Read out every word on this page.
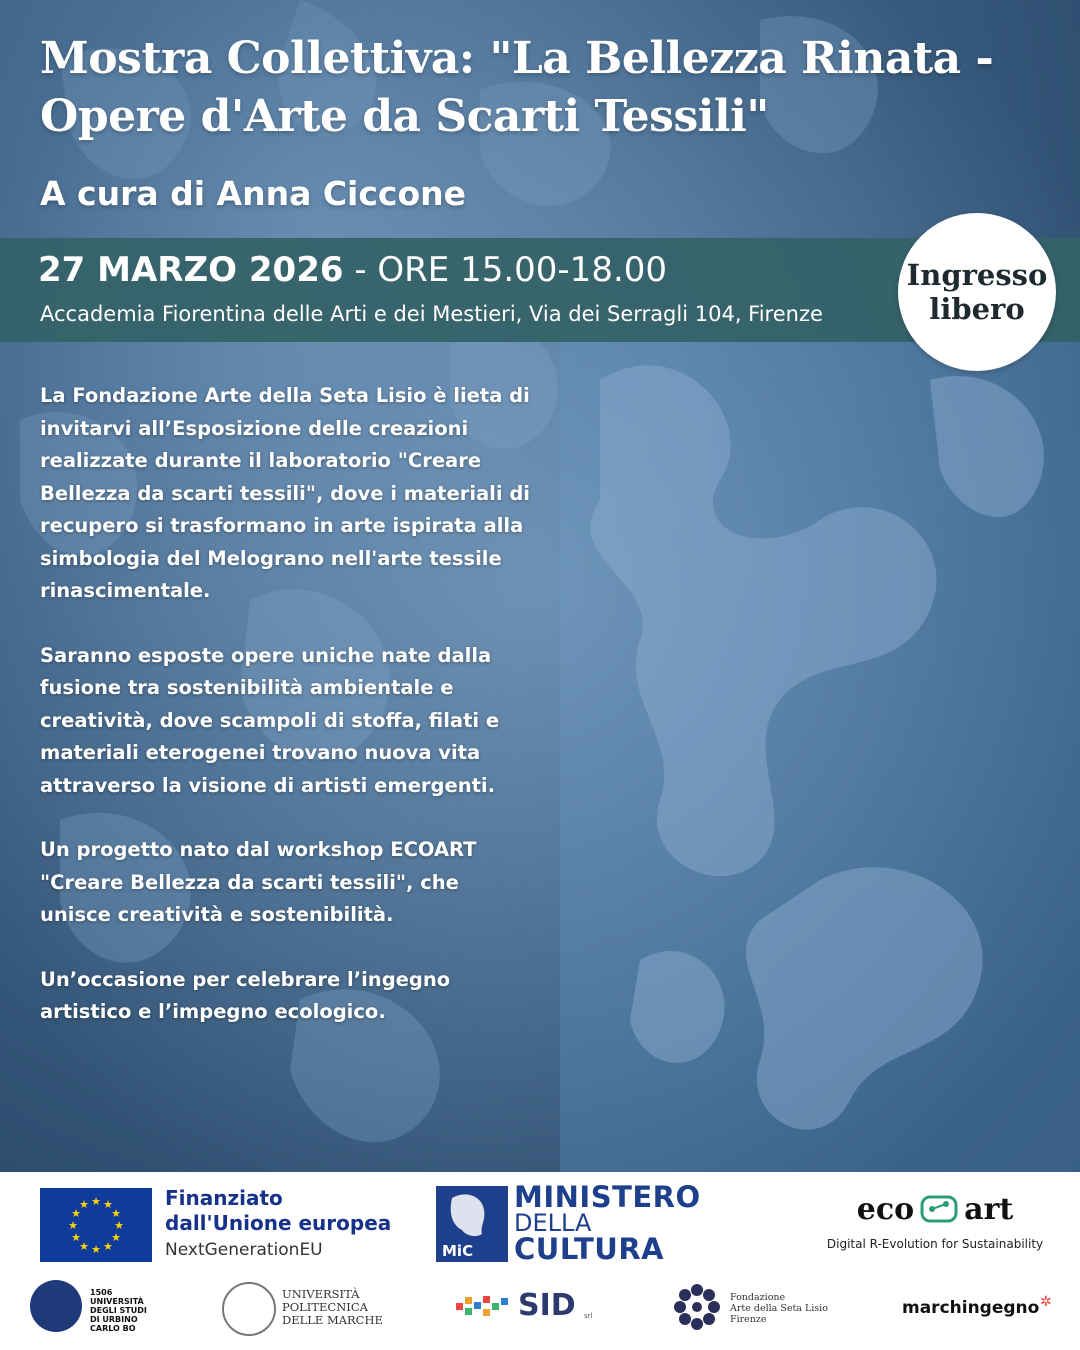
Mostra Collettiva: "La Bellezza Rinata - Opere d'Arte da Scarti Tessili"
A cura di Anna Ciccone
27 MARZO 2026 - ORE 15.00-18.00
Accademia Fiorentina delle Arti e dei Mestieri, Via dei Serragli 104, Firenze
Ingresso
libero

La Fondazione Arte della Seta Lisio è lieta di invitarvi all’Esposizione delle creazioni realizzate durante il laboratorio "Creare Bellezza da scarti tessili", dove i materiali di recupero si trasformano in arte ispirata alla simbologia del Melograno nell'arte tessile rinascimentale.

Saranno esposte opere uniche nate dalla fusione tra sostenibilità ambientale e creatività, dove scampoli di stoffa, filati e materiali eterogenei trovano nuova vita attraverso la visione di artisti emergenti.

Un progetto nato dal workshop ECOART "Creare Bellezza da scarti tessili", che unisce creatività e sostenibilità.

Un’occasione per celebrare l’ingegno artistico e l’impegno ecologico.

★ ★
★
★
★
★
★
★
★
★
★
★	Finanziato
dall'Unione europea
NextGenerationEU	MiC
MINISTERO
DELLA
CULTURA
eco art
Digital R-Evolution for Sustainability
1506
UNIVERSITÀ DEGLI STUDI DI URBINO CARLO BO
UNIVERSITÀ
POLITECNICA
DELLE MARCHE	SID srl
Fondazione
Arte della Seta Lisio
Firenze
marchingegno ✲
